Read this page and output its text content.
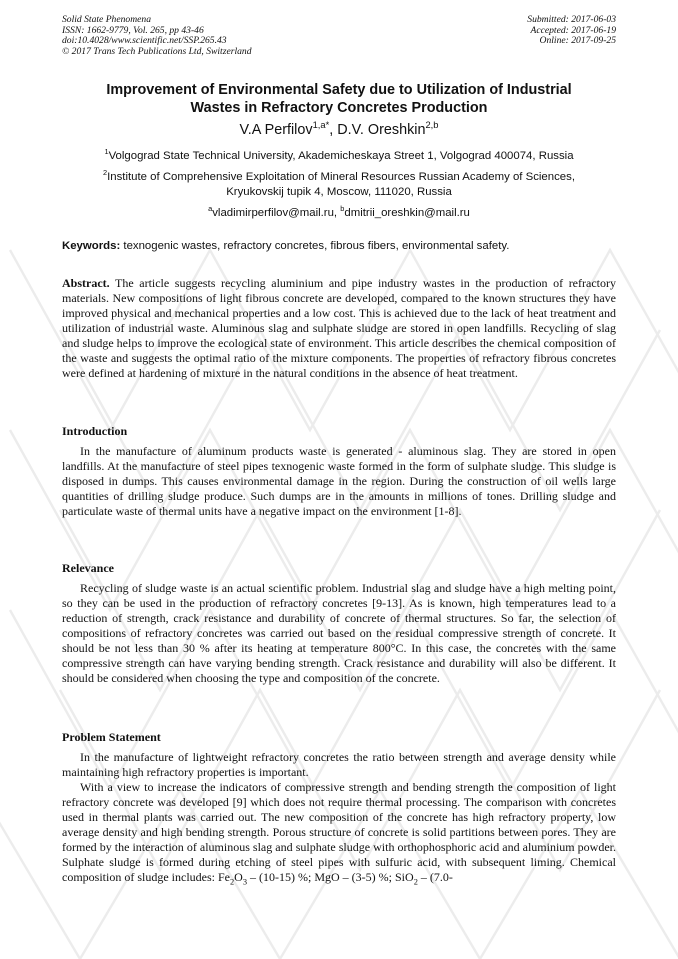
Solid State Phenomena
ISSN: 1662-9779, Vol. 265, pp 43-46
doi:10.4028/www.scientific.net/SSP.265.43
© 2017 Trans Tech Publications Ltd, Switzerland
Submitted: 2017-06-03
Accepted: 2017-06-19
Online: 2017-09-25
Improvement of Environmental Safety due to Utilization of Industrial
Wastes in Refractory Concretes Production
V.A Perfilov$^{1,a*}$, D.V. Oreshkin$^{2,b}$
$^1$Volgograd State Technical University, Akademicheskaya Street 1, Volgograd 400074, Russia
$^2$Institute of Comprehensive Exploitation of Mineral Resources Russian Academy of Sciences,
Kryukovskij tupik 4, Moscow, 111020, Russia
$^a$vladimirperfilov@mail.ru, $^b$dmitrii_oreshkin@mail.ru
Keywords: texnogenic wastes, refractory concretes, fibrous fibers, environmental safety.

Abstract. The article suggests recycling aluminium and pipe industry wastes in the production of refractory materials. New compositions of light fibrous concrete are developed, compared to the known structures they have improved physical and mechanical properties and a low cost. This is achieved due to the lack of heat treatment and utilization of industrial waste. Aluminous slag and sulphate sludge are stored in open landfills. Recycling of slag and sludge helps to improve the ecological state of environment. This article describes the chemical composition of the waste and suggests the optimal ratio of the mixture components. The properties of refractory fibrous concretes were defined at hardening of mixture in the natural conditions in the absence of heat treatment.

Introduction

In the manufacture of aluminum products waste is generated - aluminous slag. They are stored in open landfills. At the manufacture of steel pipes texnogenic waste formed in the form of sulphate sludge. This sludge is disposed in dumps. This causes environmental damage in the region. During the construction of oil wells large quantities of drilling sludge produce. Such dumps are in the amounts in millions of tones. Drilling sludge and particulate waste of thermal units have a negative impact on the environment [1-8].

Relevance

Recycling of sludge waste is an actual scientific problem. Industrial slag and sludge have a high melting point, so they can be used in the production of refractory concretes [9-13]. As is known, high temperatures lead to a reduction of strength, crack resistance and durability of concrete of thermal structures. So far, the selection of compositions of refractory concretes was carried out based on the residual compressive strength of concrete. It should be not less than 30 % after its heating at temperature 800°C. In this case, the concretes with the same compressive strength can have varying bending strength. Crack resistance and durability will also be different. It should be considered when choosing the type and composition of the concrete.

Problem Statement

In the manufacture of lightweight refractory concretes the ratio between strength and average density while maintaining high refractory properties is important.

With a view to increase the indicators of compressive strength and bending strength the composition of light refractory concrete was developed [9] which does not require thermal processing. The comparison with concretes used in thermal plants was carried out. The new composition of the concrete has high refractory property, low average density and high bending strength. Porous structure of concrete is solid partitions between pores. They are formed by the interaction of aluminous slag and sulphate sludge with orthophosphoric acid and aluminium powder. Sulphate sludge is formed during etching of steel pipes with sulfuric acid, with subsequent liming. Chemical composition of sludge includes: $Fe_2O_3 - (10-15)$ %; MgO – (3-5) %; SiO$_2$ – (7.0-
